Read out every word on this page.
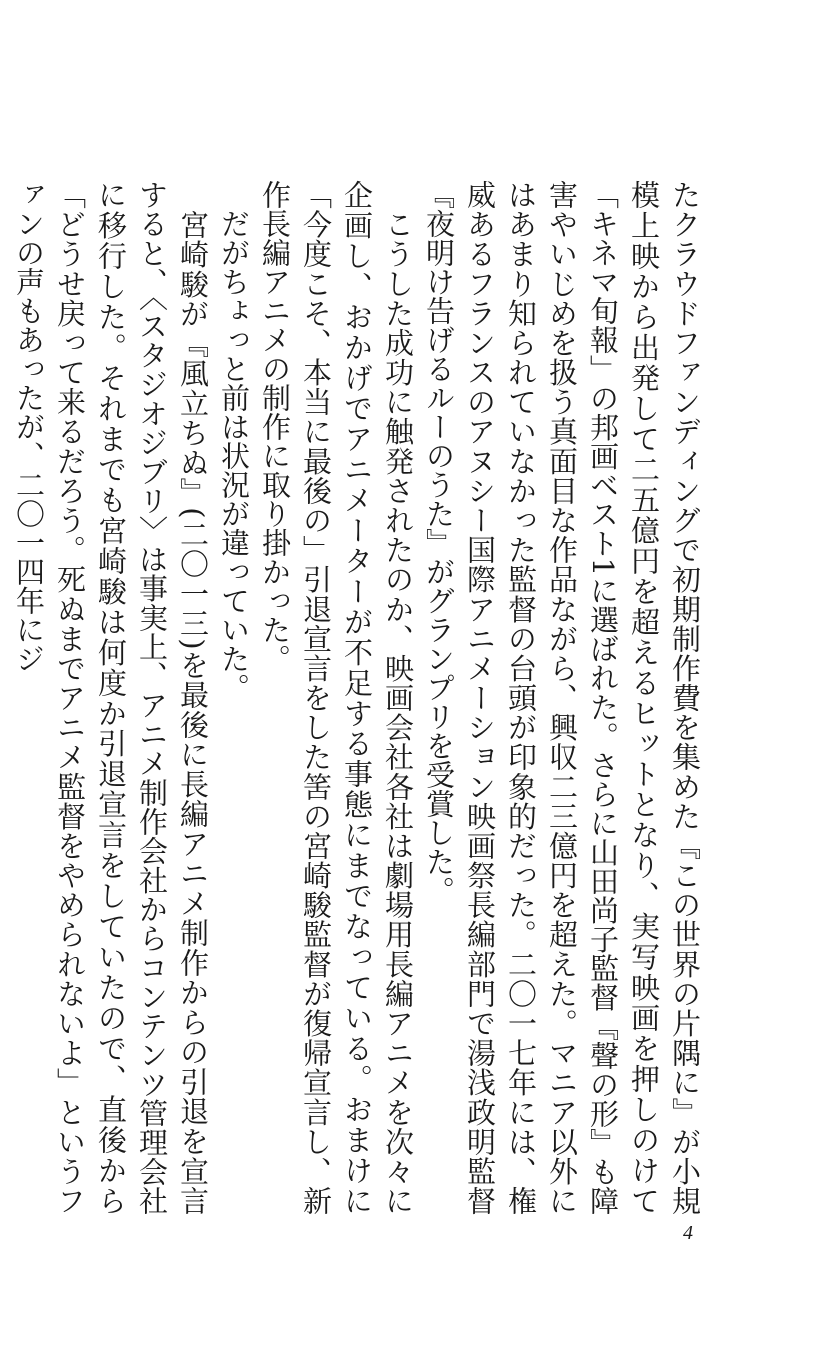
たクラウドファンディングで初期制作費を集めた『この世界の片隅に』が小規模上映から出発して二五億円を超えるヒットとなり、実写映画を押しのけて「キネマ旬報」の邦画ベスト1に選ばれた。さらに山田尚子監督『聲の形』も障害やいじめを扱う真面目な作品ながら、興収二三億円を超えた。マニア以外にはあまり知られていなかった監督の台頭が印象的だった。二〇一七年には、権威あるフランスのアヌシー国際アニメーション映画祭長編部門で湯浅政明監督『夜明け告げるルーのうた』がグランプリを受賞した。

　こうした成功に触発されたのか、映画会社各社は劇場用長編アニメを次々に企画し、おかげでアニメーターが不足する事態にまでなっている。おまけに「今度こそ、本当に最後の」引退宣言をした筈の宮崎駿監督が復帰宣言し、新作長編アニメの制作に取り掛かった。

　だがちょっと前は状況が違っていた。

　宮崎駿が『風立ちぬ』(二〇一三)を最後に長編アニメ制作からの引退を宣言すると、〈スタジオジブリ〉は事実上、アニメ制作会社からコンテンツ管理会社に移行した。それまでも宮崎駿は何度か引退宣言をしていたので、直後から「どうせ戻って来るだろう。死ぬまでアニメ監督をやめられないよ」というファンの声もあったが、二〇一四年にジ

4
